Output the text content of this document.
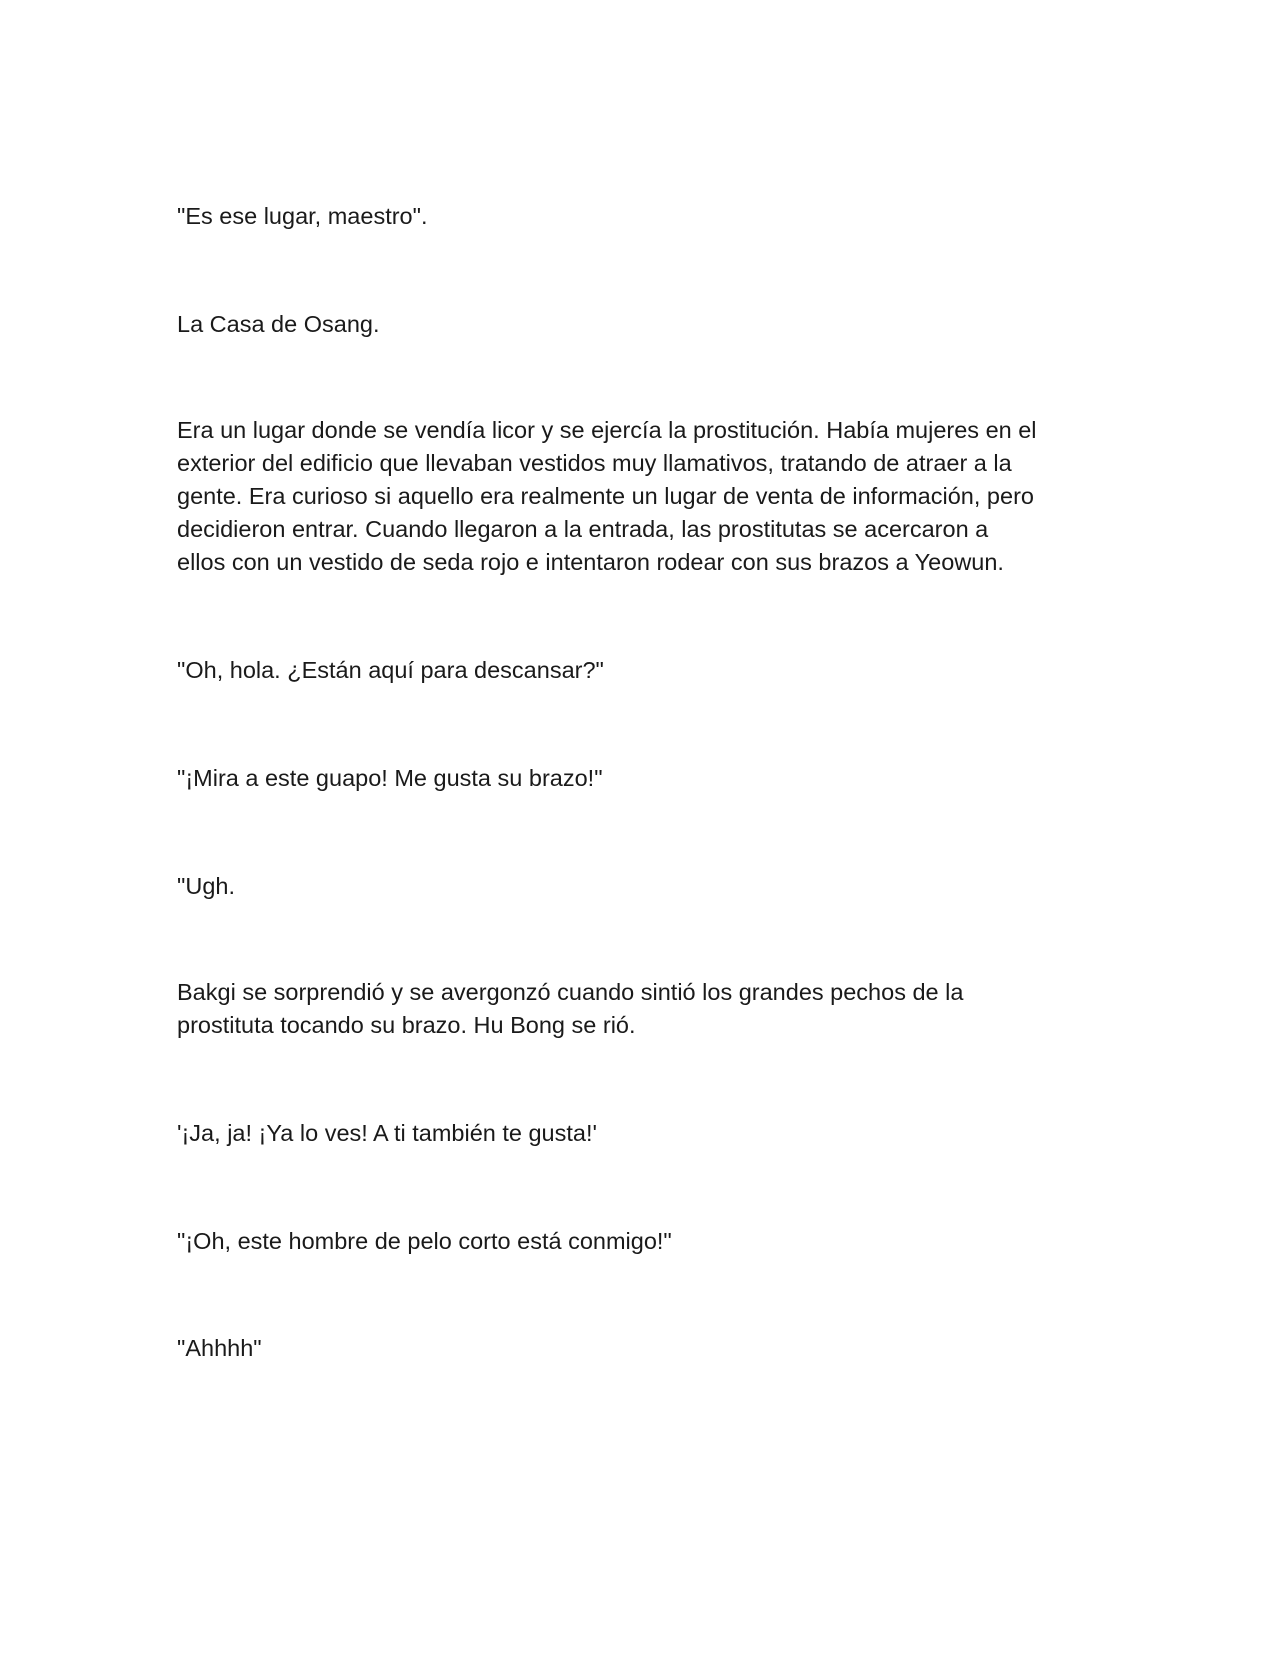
"Es ese lugar, maestro".

La Casa de Osang.

Era un lugar donde se vendía licor y se ejercía la prostitución. Había mujeres en el
exterior del edificio que llevaban vestidos muy llamativos, tratando de atraer a la
gente. Era curioso si aquello era realmente un lugar de venta de información, pero
decidieron entrar. Cuando llegaron a la entrada, las prostitutas se acercaron a
ellos con un vestido de seda rojo e intentaron rodear con sus brazos a Yeowun.

"Oh, hola. ¿Están aquí para descansar?"

"¡Mira a este guapo! Me gusta su brazo!"

"Ugh.

Bakgi se sorprendió y se avergonzó cuando sintió los grandes pechos de la
prostituta tocando su brazo. Hu Bong se rió.

'¡Ja, ja! ¡Ya lo ves! A ti también te gusta!'

"¡Oh, este hombre de pelo corto está conmigo!"

"Ahhhh"
